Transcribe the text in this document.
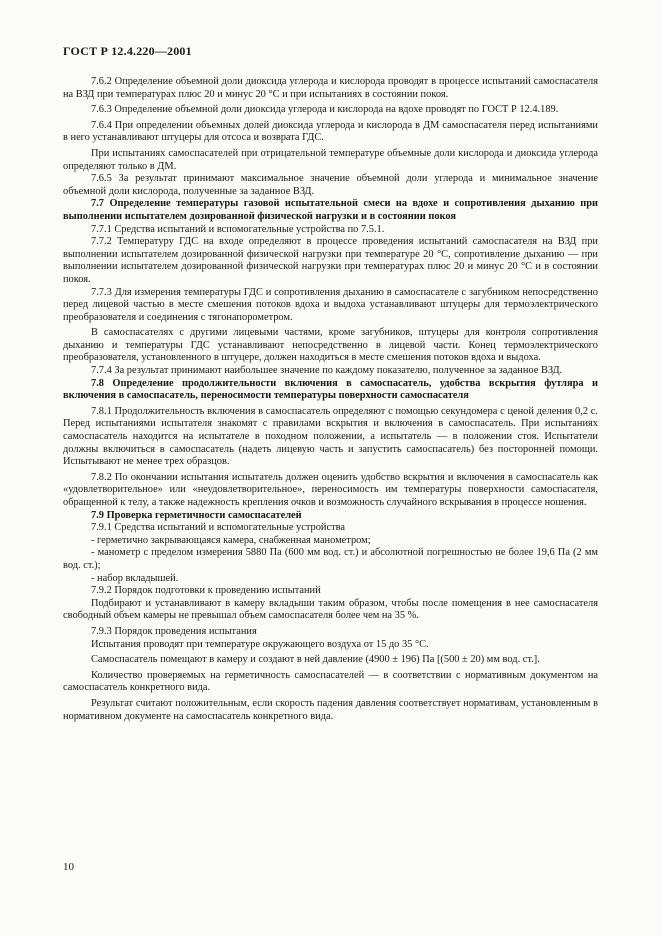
ГОСТ Р 12.4.220—2001

7.6.2 Определение объемной доли диоксида углерода и кислорода проводят в процессе испытаний самоспасателя на ВЗД при температурах плюс 20 и минус 20 °С и при испытаниях в состоянии покоя.

7.6.3 Определение объемной доли диоксида углерода и кислорода на вдохе проводят по ГОСТ Р 12.4.189.

7.6.4 При определении объемных долей диоксида углерода и кислорода в ДМ самоспасателя перед испытаниями в него устанавливают штуцеры для отсоса и возврата ГДС.

При испытаниях самоспасателей при отрицательной температуре объемные доли кислорода и диоксида углерода определяют только в ДМ.

7.6.5 За результат принимают максимальное значение объемной доли углерода и минимальное значение объемной доли кислорода, полученные за заданное ВЗД.

7.7 Определение температуры газовой испытательной смеси на вдохе и сопротивления дыханию при выполнении испытателем дозированной физической нагрузки и в состоянии покоя

7.7.1 Средства испытаний и вспомогательные устройства по 7.5.1.

7.7.2 Температуру ГДС на входе определяют в процессе проведения испытаний самоспасателя на ВЗД при выполнении испытателем дозированной физической нагрузки при температуре 20 °С, сопротивление дыханию — при выполнении испытателем дозированной физической нагрузки при температурах плюс 20 и минус 20 °С и в состоянии покоя.

7.7.3 Для измерения температуры ГДС и сопротивления дыханию в самоспасателе с загубником непосредственно перед лицевой частью в месте смешения потоков вдоха и выдоха устанавливают штуцеры для термоэлектрического преобразователя и соединения с тягонапорометром.

В самоспасателях с другими лицевыми частями, кроме загубников, штуцеры для контроля сопротивления дыханию и температуры ГДС устанавливают непосредственно в лицевой части. Конец термоэлектрического преобразователя, установленного в штуцере, должен находиться в месте смешения потоков вдоха и выдоха.

7.7.4 За результат принимают наибольшее значение по каждому показателю, полученное за заданное ВЗД.

7.8 Определение продолжительности включения в самоспасатель, удобства вскрытия футляра и включения в самоспасатель, переносимости температуры поверхности самоспасателя

7.8.1 Продолжительность включения в самоспасатель определяют с помощью секундомера с ценой деления 0,2 с. Перед испытаниями испытателя знакомят с правилами вскрытия и включения в самоспасатель. При испытаниях самоспасатель находится на испытателе в походном положении, а испытатель — в положении стоя. Испытатели должны включиться в самоспасатель (надеть лицевую часть и запустить самоспасатель) без посторонней помощи. Испытывают не менее трех образцов.

7.8.2 По окончании испытания испытатель должен оценить удобство вскрытия и включения в самоспасатель как «удовлетворительное» или «неудовлетворительное», переносимость им температуры поверхности самоспасателя, обращенной к телу, а также надежность крепления очков и возможность случайного вскрывания в процессе ношения.

7.9 Проверка герметичности самоспасателей

7.9.1 Средства испытаний и вспомогательные устройства

- герметично закрывающаяся камера, снабженная манометром;

- манометр с пределом измерения 5880 Па (600 мм вод. ст.) и абсолютной погрешностью не более 19,6 Па (2 мм вод. ст.);

- набор вкладышей.

7.9.2 Порядок подготовки к проведению испытаний

Подбирают и устанавливают в камеру вкладыши таким образом, чтобы после помещения в нее самоспасателя свободный объем камеры не превышал объем самоспасателя более чем на 35 %.

7.9.3 Порядок проведения испытания

Испытания проводят при температуре окружающего воздуха от 15 до 35 °С.

Самоспасатель помещают в камеру и создают в ней давление (4900 ± 196) Па [(500 ± 20) мм вод. ст.].

Количество проверяемых на герметичность самоспасателей — в соответствии с нормативным документом на самоспасатель конкретного вида.

Результат считают положительным, если скорость падения давления соответствует нормативам, установленным в нормативном документе на самоспасатель конкретного вида.

10
